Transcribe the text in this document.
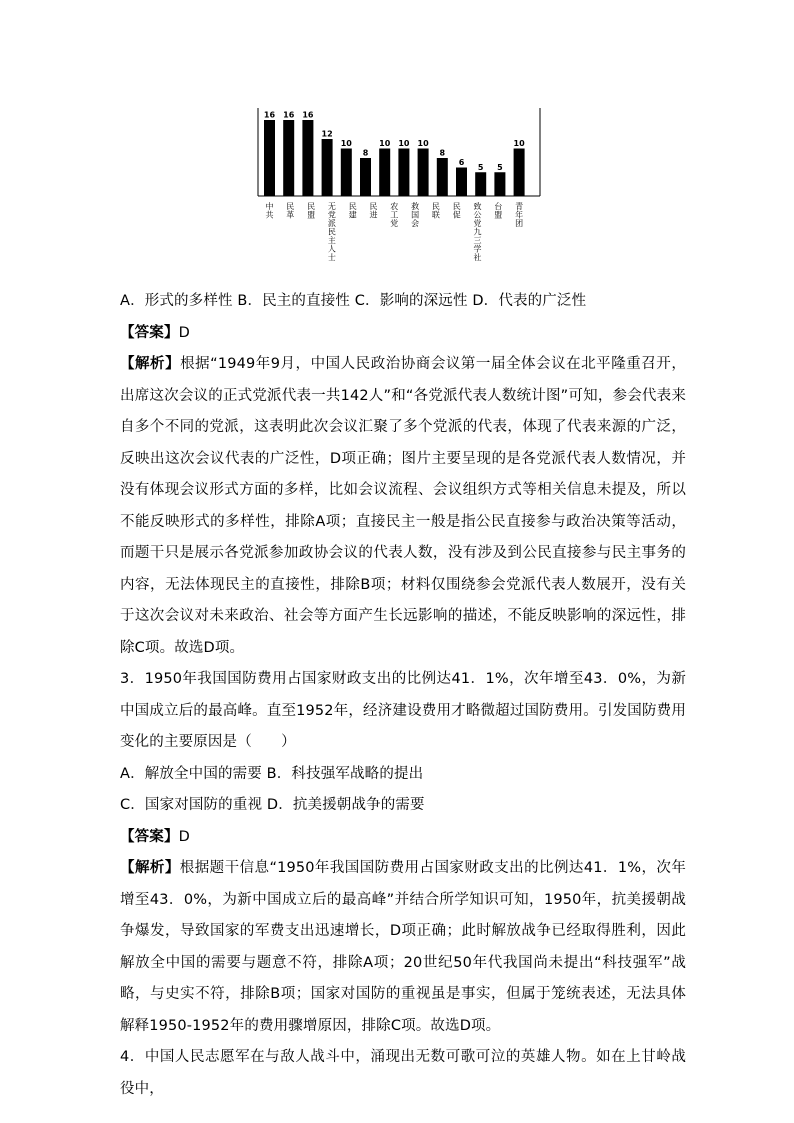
16 16 16
12
10
8
10 10 10
8
6
5 5
10
中共 民革 民盟 无党派民主人士 民建 民进 农工党 救国会 民联 民促 致公党九三学社 台盟 青年团

A．形式的多样性 B．民主的直接性 C．影响的深远性 D．代表的广泛性

【答案】D

【解析】根据“1949年9月，中国人民政治协商会议第一届全体会议在北平隆重召开，出席这次会议的正式党派代表一共142人”和“各党派代表人数统计图”可知，参会代表来自多个不同的党派，这表明此次会议汇聚了多个党派的代表，体现了代表来源的广泛，反映出这次会议代表的广泛性，D项正确；图片主要呈现的是各党派代表人数情况，并没有体现会议形式方面的多样，比如会议流程、会议组织方式等相关信息未提及，所以不能反映形式的多样性，排除A项；直接民主一般是指公民直接参与政治决策等活动，而题干只是展示各党派参加政协会议的代表人数，没有涉及到公民直接参与民主事务的内容，无法体现民主的直接性，排除B项；材料仅围绕参会党派代表人数展开，没有关于这次会议对未来政治、社会等方面产生长远影响的描述，不能反映影响的深远性，排除C项。故选D项。

3．1950年我国国防费用占国家财政支出的比例达41．1%，次年增至43．0%，为新中国成立后的最高峰。直至1952年，经济建设费用才略微超过国防费用。引发国防费用变化的主要原因是（　　）

A．解放全中国的需要 B．科技强军战略的提出

C．国家对国防的重视 D．抗美援朝战争的需要

【答案】D

【解析】根据题干信息“1950年我国国防费用占国家财政支出的比例达41．1%，次年增至43．0%，为新中国成立后的最高峰”并结合所学知识可知，1950年，抗美援朝战争爆发，导致国家的军费支出迅速增长，D项正确；此时解放战争已经取得胜利，因此解放全中国的需要与题意不符，排除A项；20世纪50年代我国尚未提出“科技强军”战略，与史实不符，排除B项；国家对国防的重视虽是事实，但属于笼统表述，无法具体解释1950-1952年的费用骤增原因，排除C项。故选D项。

4．中国人民志愿军在与敌人战斗中，涌现出无数可歌可泣的英雄人物。如在上甘岭战役中，
